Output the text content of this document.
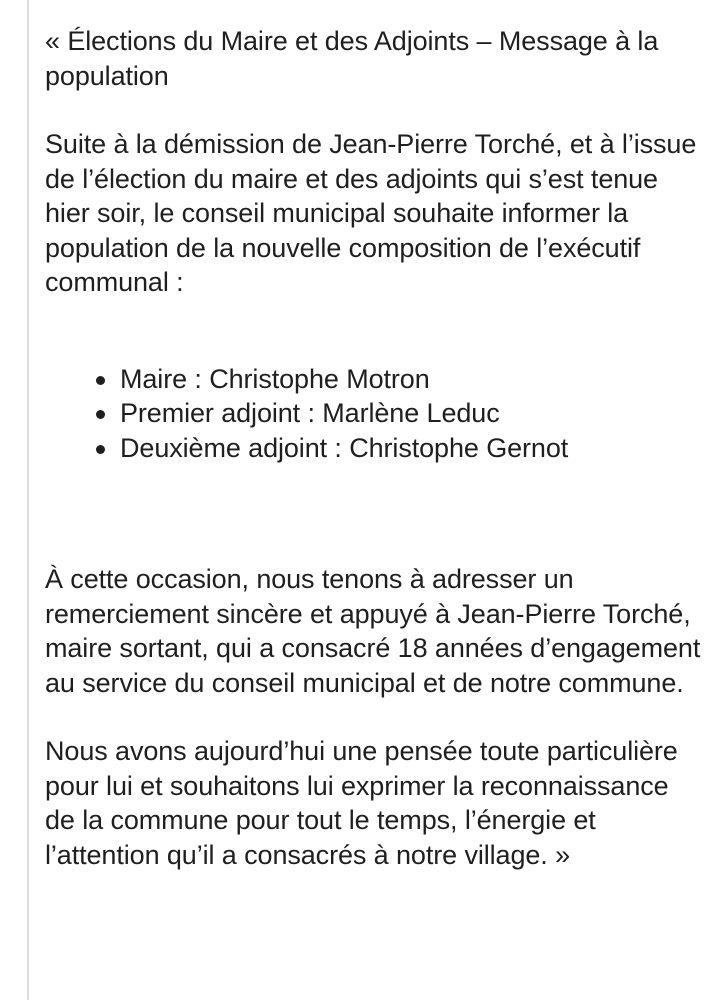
« Élections du Maire et des Adjoints – Message à la population

Suite à la démission de Jean-Pierre Torché, et à l’issue de l’élection du maire et des adjoints qui s’est tenue hier soir, le conseil municipal souhaite informer la population de la nouvelle composition de l’exécutif communal :

Maire : Christophe Motron
Premier adjoint : Marlène Leduc
Deuxième adjoint : Christophe Gernot

À cette occasion, nous tenons à adresser un remerciement sincère et appuyé à Jean-Pierre Torché, maire sortant, qui a consacré 18 années d’engagement au service du conseil municipal et de notre commune.

Nous avons aujourd’hui une pensée toute particulière pour lui et souhaitons lui exprimer la reconnaissance de la commune pour tout le temps, l’énergie et l’attention qu’il a consacrés à notre village. »
